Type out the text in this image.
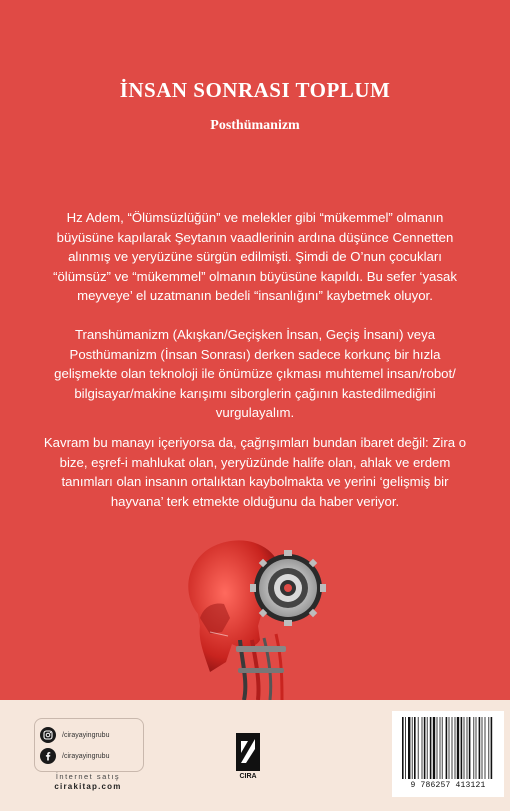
İNSAN SONRASI TOPLUM
Posthümanizm

Hz Adem, “Ölümsüzlüğün” ve melekler gibi “mükemmel” olmanın büyüsüne kapılarak Şeytanın vaadlerinin ardına düşünce Cennetten alınmış ve yeryüzüne sürgün edilmişti. Şimdi de O’nun çocukları “ölümsüz” ve “mükemmel” olmanın büyüsüne kapıldı. Bu sefer ‘yasak meyveye’ el uzatmanın bedeli “insanlığını” kaybetmek oluyor.

Transhümanizm (Akışkan/Geçişken İnsan, Geçiş İnsanı) veya Posthümanizm (İnsan Sonrası) derken sadece korkunç bir hızla gelişmekte olan teknoloji ile önümüze çıkması muhtemel insan/robot/ bilgisayar/makine karışımı siborglerin çağının kastedilmediğini vurgulayalım.

Kavram bu manayı içeriyorsa da, çağrışımları bundan ibaret değil: Zira o bize, eşref-i mahlukat olan, yeryüzünde halife olan, ahlak ve erdem tanımları olan insanın ortalıktan kaybolmakta ve yerini ‘gelişmiş bir hayvana’ terk etmekte olduğunu da haber veriyor.

/cirayayingrubu
/cirayayingrubu
İnternet satış
cirakitap.com
CIRA
9 786257 413121
